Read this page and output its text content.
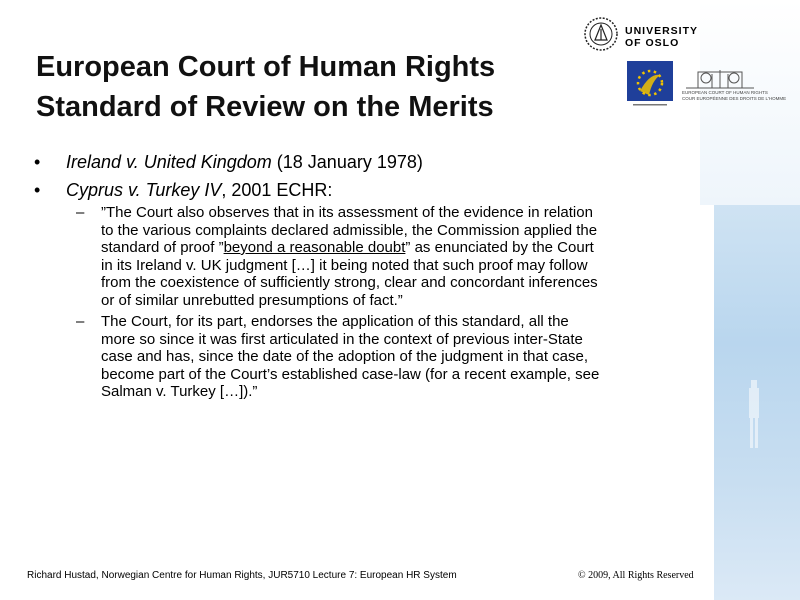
European Court of Human Rights
Standard of Review on the Merits
UNIVERSITY
OF OSLO
EUROPEAN COURT OF HUMAN RIGHTS
COUR EUROPÉENNE DES DROITS DE L'HOMME
• Ireland v. United Kingdom (18 January 1978)
• Cyprus v. Turkey IV, 2001 ECHR:
– ”The Court also observes that in its assessment of the evidence in relation
to the various complaints declared admissible, the Commission applied the
standard of proof ”beyond a reasonable doubt” as enunciated by the Court
in its Ireland v. UK judgment […] it being noted that such proof may follow
from the coexistence of sufficiently strong, clear and concordant inferences
or of similar unrebutted presumptions of fact.”
– The Court, for its part, endorses the application of this standard, all the
more so since it was first articulated in the context of previous inter-State
case and has, since the date of the adoption of the judgment in that case,
become part of the Court’s established case-law (for a recent example, see
Salman v. Turkey […]).”
Richard Hustad, Norwegian Centre for Human Rights, JUR5710 Lecture 7: European HR System	© 2009, All Rights Reserved
